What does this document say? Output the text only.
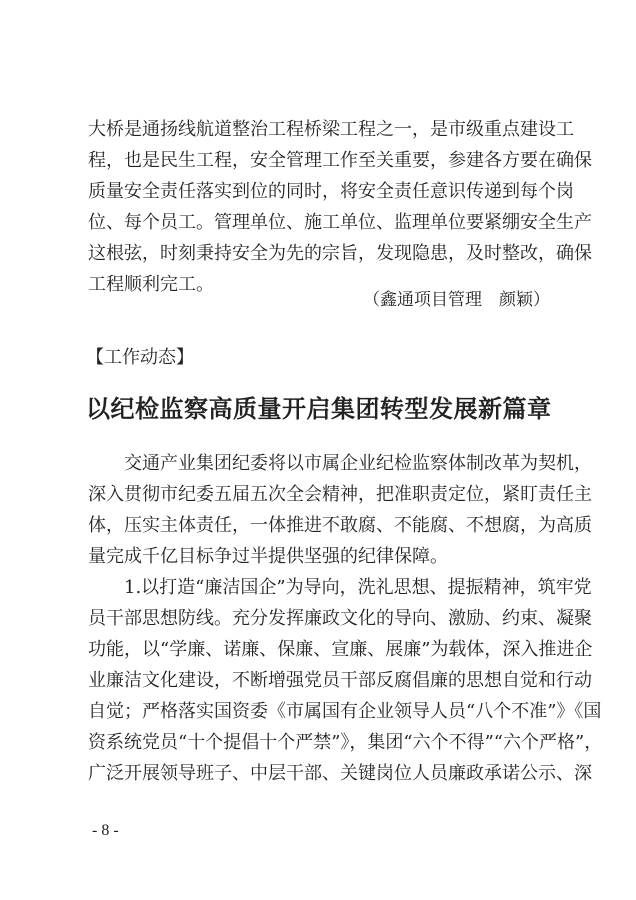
大桥是通扬线航道整治工程桥梁工程之一，是市级重点建设工
程，也是民生工程，安全管理工作至关重要，参建各方要在确保
质量安全责任落实到位的同时，将安全责任意识传递到每个岗
位、每个员工。管理单位、施工单位、监理单位要紧绷安全生产
这根弦，时刻秉持安全为先的宗旨，发现隐患，及时整改，确保
工程顺利完工。
（鑫通项目管理　颜颖）
【工作动态】
以纪检监察高质量开启集团转型发展新篇章
　　交通产业集团纪委将以市属企业纪检监察体制改革为契机，
深入贯彻市纪委五届五次全会精神，把准职责定位，紧盯责任主
体，压实主体责任，一体推进不敢腐、不能腐、不想腐，为高质
量完成千亿目标争过半提供坚强的纪律保障。
　　1.以打造“廉洁国企”为导向，洗礼思想、提振精神，筑牢党
员干部思想防线。充分发挥廉政文化的导向、激励、约束、凝聚
功能，以“学廉、诺廉、保廉、宣廉、展廉”为载体，深入推进企
业廉洁文化建设，不断增强党员干部反腐倡廉的思想自觉和行动
自觉；严格落实国资委《市属国有企业领导人员“八个不准”》《国
资系统党员“十个提倡十个严禁”》，集团“六个不得”“六个严格”，
广泛开展领导班子、中层干部、关键岗位人员廉政承诺公示、深
- 8 -
